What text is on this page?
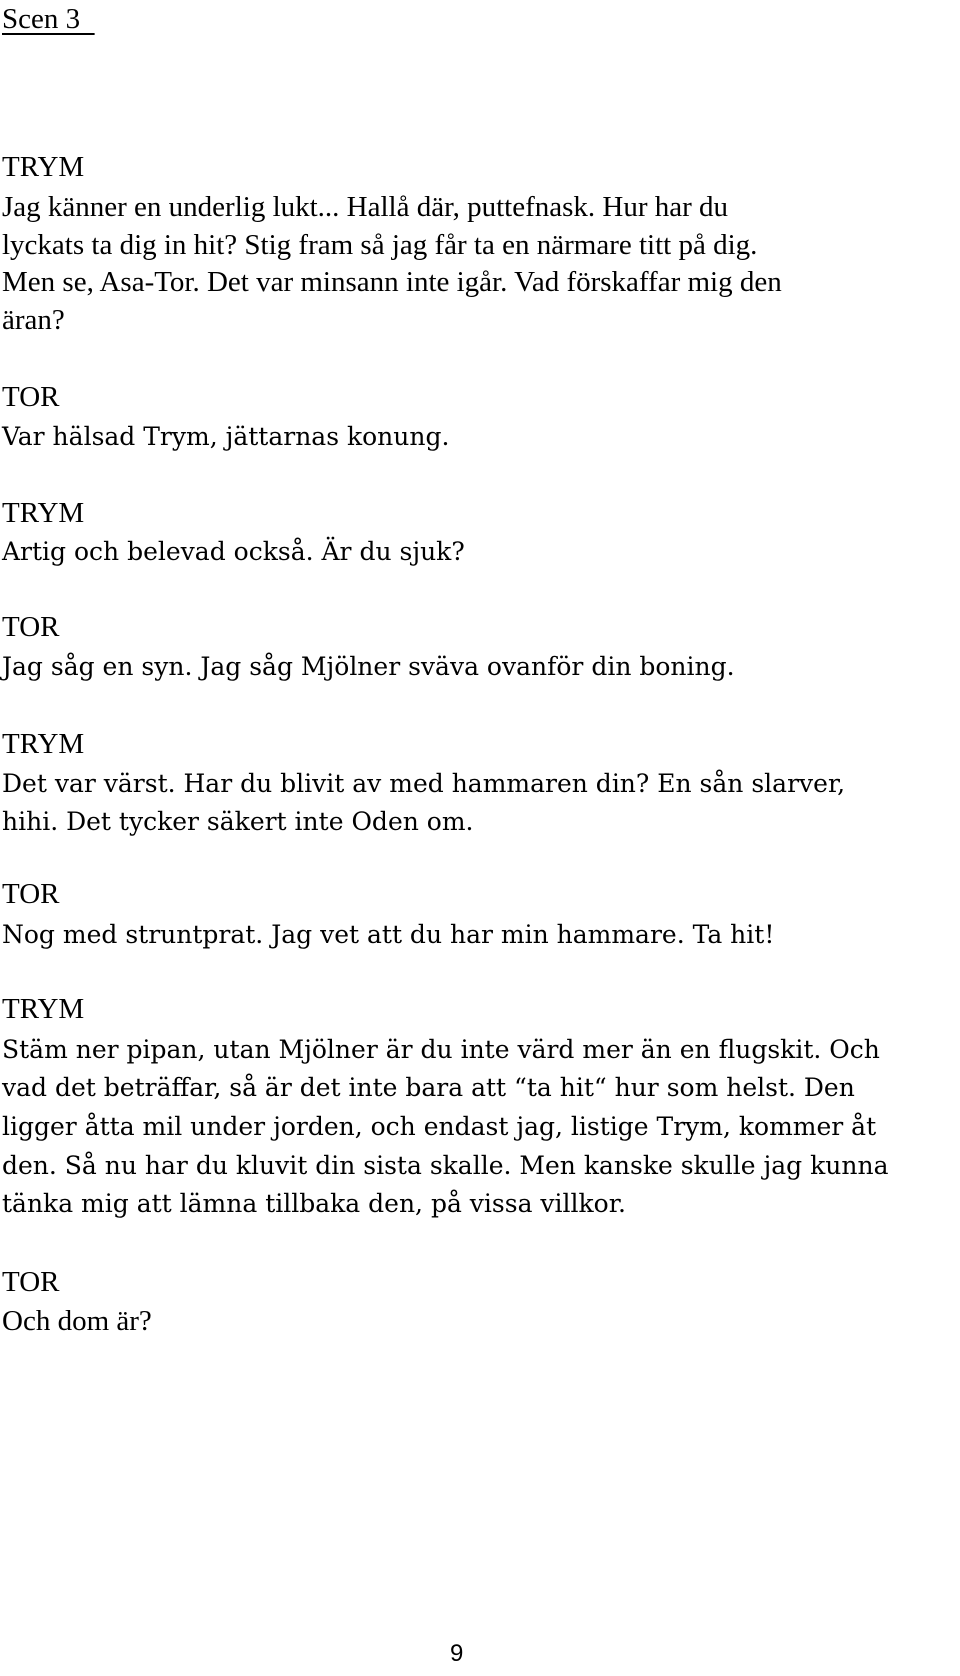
Scen 3
TRYM
Jag känner en underlig lukt... Hallå där, puttefnask. Hur har du
lyckats ta dig in hit? Stig fram så jag får ta en närmare titt på dig.
Men se, Asa-Tor. Det var minsann inte igår. Vad förskaffar mig den
äran?
TOR
Var hälsad Trym, jättarnas konung.
TRYM
Artig och belevad också. Är du sjuk?
TOR
Jag såg en syn. Jag såg Mjölner sväva ovanför din boning.
TRYM
Det var värst. Har du blivit av med hammaren din? En sån slarver,
hihi. Det tycker säkert inte Oden om.
TOR
Nog med struntprat. Jag vet att du har min hammare. Ta hit!
TRYM
Stäm ner pipan, utan Mjölner är du inte värd mer än en flugskit. Och
vad det beträffar, så är det inte bara att “ta hit“ hur som helst. Den
ligger åtta mil under jorden, och endast jag, listige Trym, kommer åt
den. Så nu har du kluvit din sista skalle. Men kanske skulle jag kunna
tänka mig att lämna tillbaka den, på vissa villkor.
TOR
Och dom är?
9
